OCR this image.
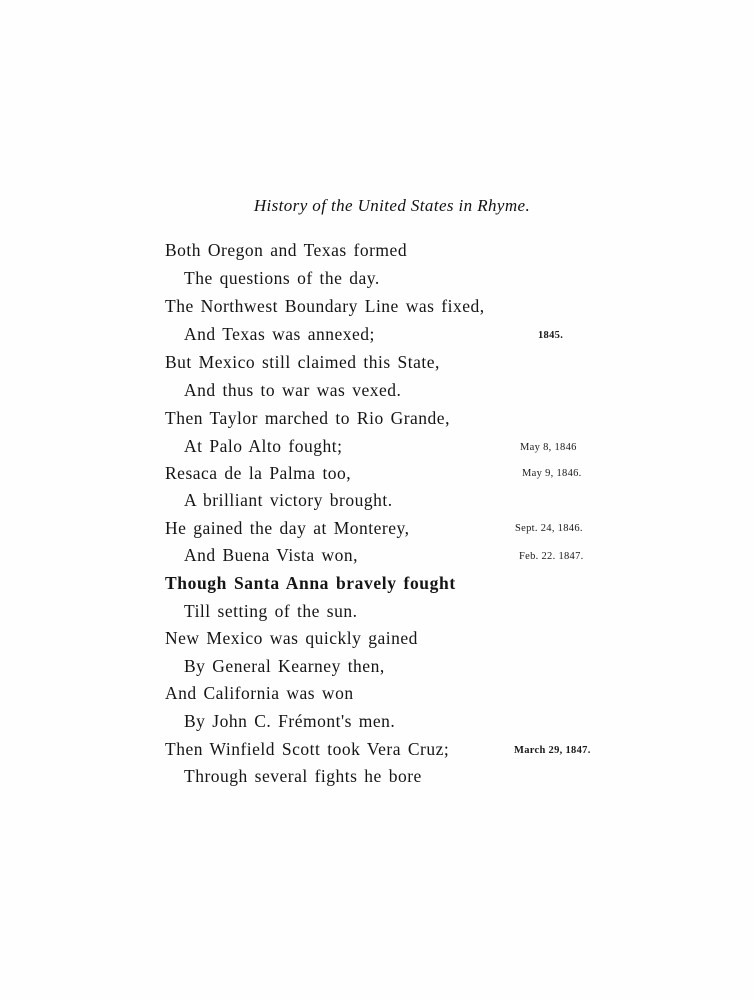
History of the United States in Rhyme.
Both Oregon and Texas formed
The questions of the day.
The Northwest Boundary Line was fixed,
And Texas was annexed;	1845.
But Mexico still claimed this State,
And thus to war was vexed.
Then Taylor marched to Rio Grande,
At Palo Alto fought;	May 8, 1846
Resaca de la Palma too,	May 9, 1846.
A brilliant victory brought.
He gained the day at Monterey,	Sept. 24, 1846.
And Buena Vista won,	Feb. 22. 1847.
Though Santa Anna bravely fought
Till setting of the sun.
New Mexico was quickly gained
By General Kearney then,
And California was won
By John C. Frémont's men.
Then Winfield Scott took Vera Cruz;	March 29, 1847.
Through several fights he bore
